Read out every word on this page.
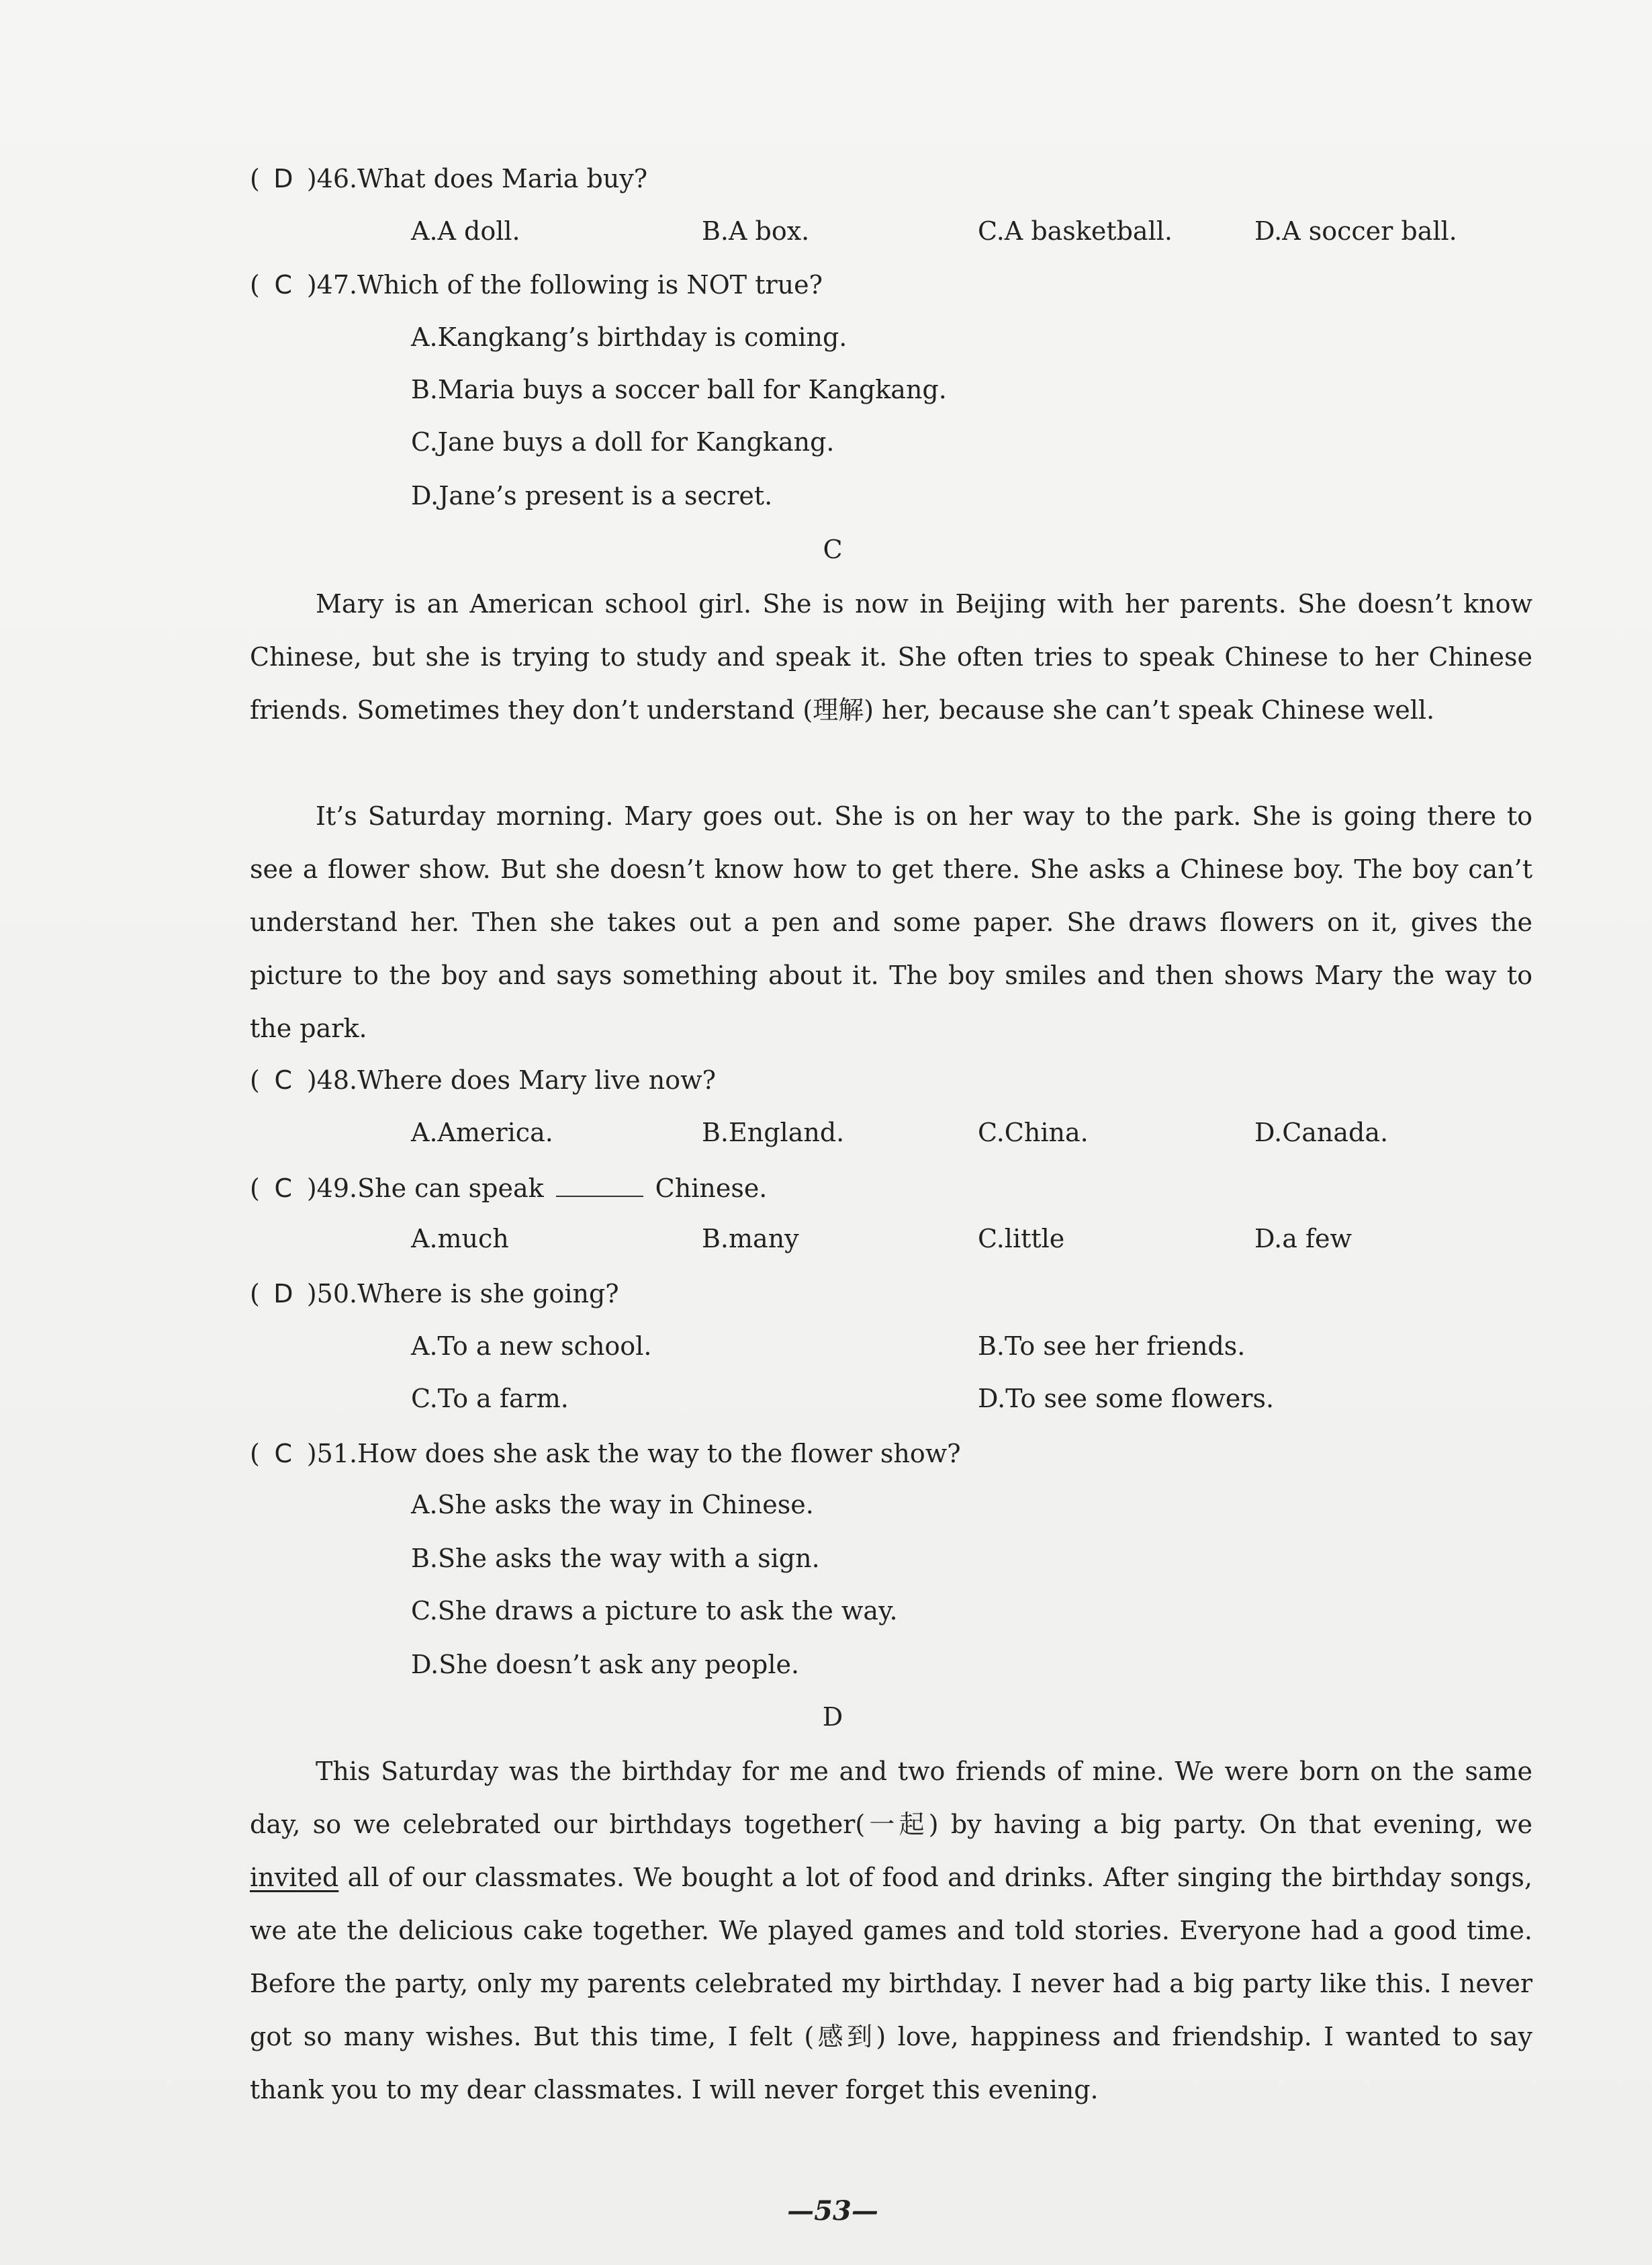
( D ) 46.What does Maria buy?
A.A doll.	B.A box.	C.A basketball.	D.A soccer ball.
( C ) 47.Which of the following is NOT true?
A.Kangkang’s birthday is coming.
B.Maria buys a soccer ball for Kangkang.
C.Jane buys a doll for Kangkang.
D.Jane’s present is a secret.
C
Mary is an American school girl. She is now in Beijing with her parents. She doesn’t know Chinese, but she is trying to study and speak it. She often tries to speak Chinese to her Chinese friends. Sometimes they don’t understand (理解) her, because she can’t speak Chinese well.
It’s Saturday morning. Mary goes out. She is on her way to the park. She is going there to see a flower show. But she doesn’t know how to get there. She asks a Chinese boy. The boy can’t understand her. Then she takes out a pen and some paper. She draws flowers on it, gives the picture to the boy and says something about it. The boy smiles and then shows Mary the way to the park.
( C ) 48.Where does Mary live now?
A.America.	B.England.	C.China.	D.Canada.
( C ) 49.She can speak	Chinese.
A.much	B.many	C.little	D.a few
( D ) 50.Where is she going?
A.To a new school.	B.To see her friends.
C.To a farm.	D.To see some flowers.
( C ) 51.How does she ask the way to the flower show?
A.She asks the way in Chinese.
B.She asks the way with a sign.
C.She draws a picture to ask the way.
D.She doesn’t ask any people.
D
This Saturday was the birthday for me and two friends of mine. We were born on the same day, so we celebrated our birthdays together(一起) by having a big party. On that evening, we invited all of our classmates. We bought a lot of food and drinks. After singing the birthday songs, we ate the delicious cake together. We played games and told stories. Everyone had a good time. Before the party, only my parents celebrated my birthday. I never had a big party like this. I never got so many wishes. But this time, I felt (感到) love, happiness and friendship. I wanted to say thank you to my dear classmates. I will never forget this evening.
—53—
